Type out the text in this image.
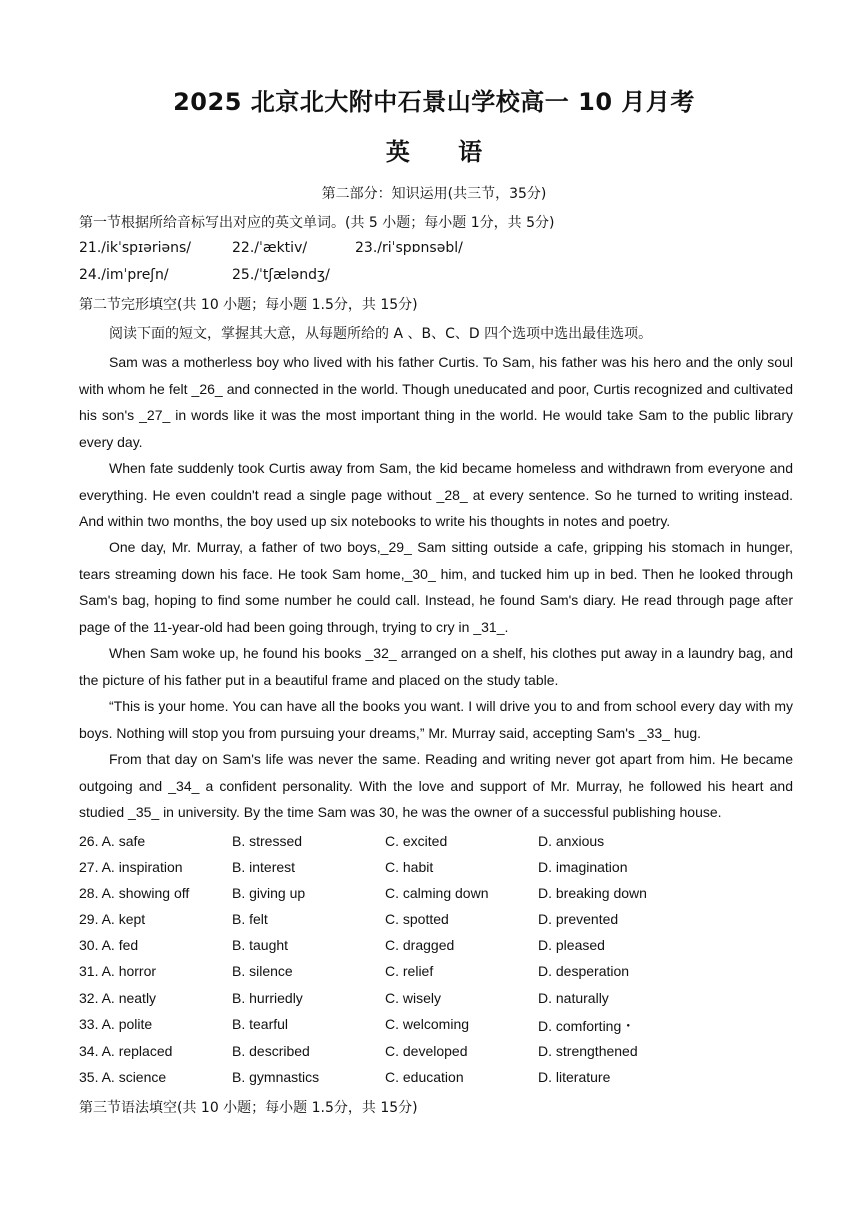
2025 北京北大附中石景山学校高一 10 月月考
英 语
第二部分：知识运用(共三节，35分)
第一节根据所给音标写出对应的英文单词。(共 5 小题；每小题 1分，共 5分)
21./ikˈspɪəriəns/	22./ˈæktiv/	23./riˈspɒnsəbl/
24./imˈpreʃn/	25./ˈtʃæləndʒ/
第二节完形填空(共 10 小题；每小题 1.5分，共 15分)
阅读下面的短文，掌握其大意，从每题所给的 A 、B、C、D 四个选项中选出最佳选项。
Sam was a motherless boy who lived with his father Curtis. To Sam, his father was his hero and the only soul with whom he felt _26_ and connected in the world. Though uneducated and poor, Curtis recognized and cultivated his son's _27_ in words like it was the most important thing in the world. He would take Sam to the public library every day.
When fate suddenly took Curtis away from Sam, the kid became homeless and withdrawn from everyone and everything. He even couldn't read a single page without _28_ at every sentence. So he turned to writing instead. And within two months, the boy used up six notebooks to write his thoughts in notes and poetry.
One day, Mr. Murray, a father of two boys,_29_ Sam sitting outside a cafe, gripping his stomach in hunger, tears streaming down his face. He took Sam home,_30_ him, and tucked him up in bed. Then he looked through Sam's bag, hoping to find some number he could call. Instead, he found Sam's diary. He read through page after page of the 11-year-old had been going through, trying to cry in _31_.
When Sam woke up, he found his books _32_ arranged on a shelf, his clothes put away in a laundry bag, and the picture of his father put in a beautiful frame and placed on the study table.
“This is your home. You can have all the books you want. I will drive you to and from school every day with my boys. Nothing will stop you from pursuing your dreams,” Mr. Murray said, accepting Sam's _33_ hug.
From that day on Sam's life was never the same. Reading and writing never got apart from him. He became outgoing and _34_ a confident personality. With the love and support of Mr. Murray, he followed his heart and studied _35_ in university. By the time Sam was 30, he was the owner of a successful publishing house.
26. A. safe	B. stressed	C. excited	D. anxious
27. A. inspiration	B. interest	C. habit	D. imagination
28. A. showing off	B. giving up	C. calming down	D. breaking down
29. A. kept	B. felt	C. spotted	D. prevented
30. A. fed	B. taught	C. dragged	D. pleased
31. A. horror	B. silence	C. relief	D. desperation
32. A. neatly	B. hurriedly	C. wisely	D. naturally
33. A. polite	B. tearful	C. welcoming	D. comforting・
34. A. replaced	B. described	C. developed	D. strengthened
35. A. science	B. gymnastics	C. education	D. literature
第三节语法填空(共 10 小题；每小题 1.5分，共 15分)
